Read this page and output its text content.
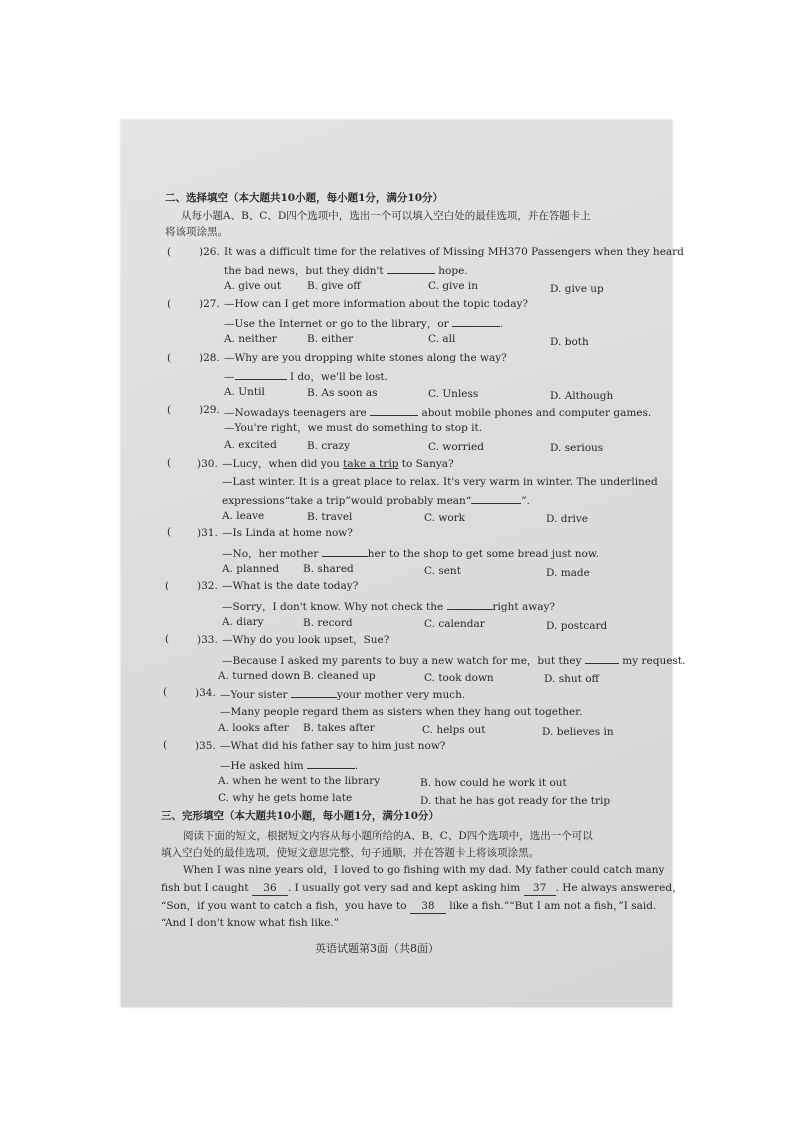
二、选择填空（本大题共10小题，每小题1分，满分10分）
从每小题A、B、C、D四个选项中，选出一个可以填入空白处的最佳选项，并在答题卡上
将该项涂黑。
(	)26. It was a difficult time for the relatives of Missing MH370 Passengers when they heard
the bad news，but they didn't	hope.
A. give out B. give off	C. give in	D. give up
(	)27. —How can I get more information about the topic today?
—Use the Internet or go to the library，or	.
A. neither	B. either	C. all	D. both
(	)28. —Why are you dropping white stones along the way?
—	I do，we'll be lost.
A. Until	B. As soon as	C. Unless	D. Although
(	)29. —Nowadays teenagers are	about mobile phones and computer games.
—You're right，we must do something to stop it.
A. excited	B. crazy	C. worried	D. serious
( )30. —Lucy，when did you take a trip to Sanya?
—Last winter. It is a great place to relax. It's very warm in winter. The underlined
expressions“take a trip”would probably mean“	”.
A. leave	B. travel	C. work	D. drive
( )31. —Is Linda at home now?
—No，her mother	her to the shop to get some bread just now.
A. planned B. shared	C. sent	D. made
(	)32. —What is the date today?
—Sorry，I don't know. Why not check the	right away?
A. diary	B. record	C. calendar	D. postcard
(	)33. —Why do you look upset，Sue?
—Because I asked my parents to buy a new watch for me，but they	my request.
A. turned down B. cleaned up	C. took down	D. shut off
(	)34. —Your sister	your mother very much.
—Many people regard them as sisters when they hang out together.
A. looks after B. takes after	C. helps out	D. believes in
(	)35. —What did his father say to him just now?
—He asked him	.
A. when he went to the library	B. how could he work it out
C. why he gets home late	D. that he has got ready for the trip
三、完形填空（本大题共10小题，每小题1分，满分10分）
阅读下面的短文，根据短文内容从每小题所给的A、B、C、D四个选项中，选出一个可以
填入空白处的最佳选项，使短文意思完整、句子通顺，并在答题卡上将该项涂黑。
When I was nine years old，I loved to go fishing with my dad. My father could catch many
fish but I caught 36 . I usually got very sad and kept asking him 37 . He always answered，
“Son，if you want to catch a fish，you have to 38 like a fish.”“But I am not a fish，”I said.
“And I don't know what fish like.”
英语试题第3面（共8面）
